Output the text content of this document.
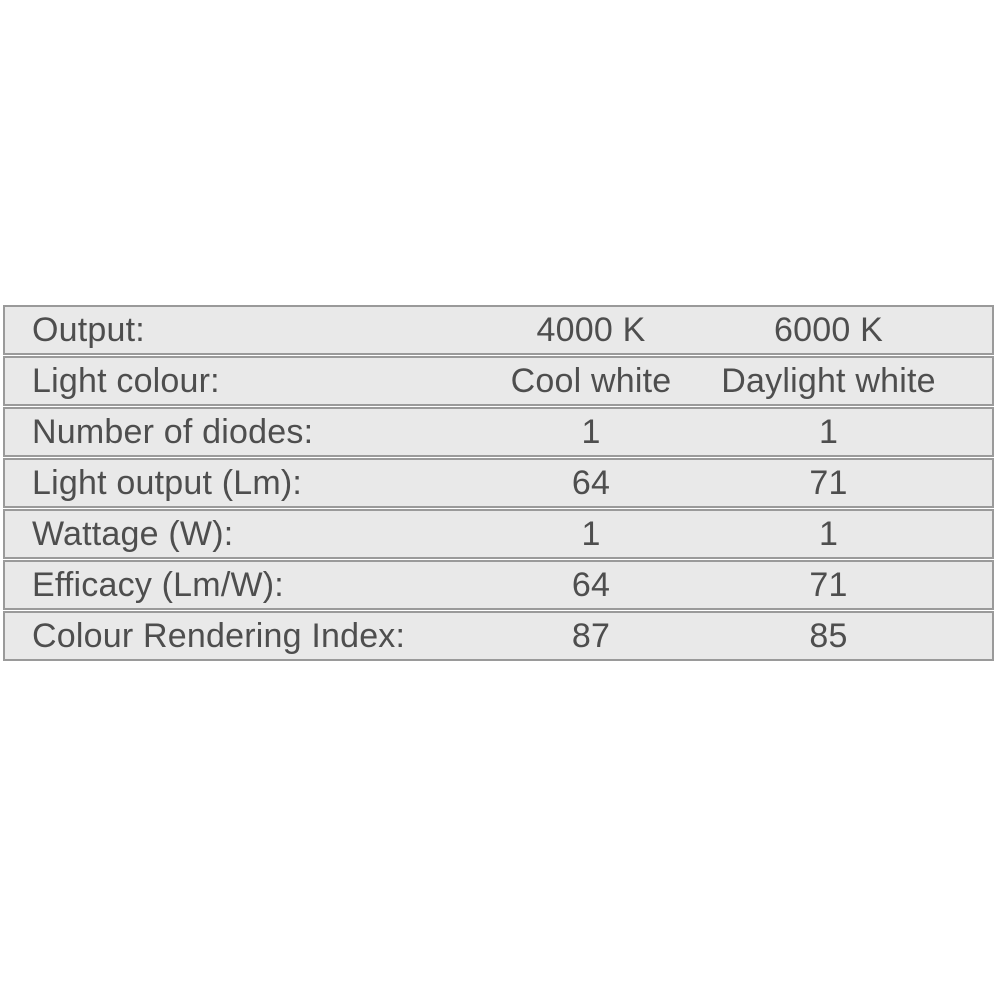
Output:	4000 K	6000 K
Light colour:	Cool white	Daylight white
Number of diodes:	1	1
Light output (Lm):	64	71
Wattage (W):	1	1
Efficacy (Lm/W):	64	71
Colour Rendering Index:	87	85
